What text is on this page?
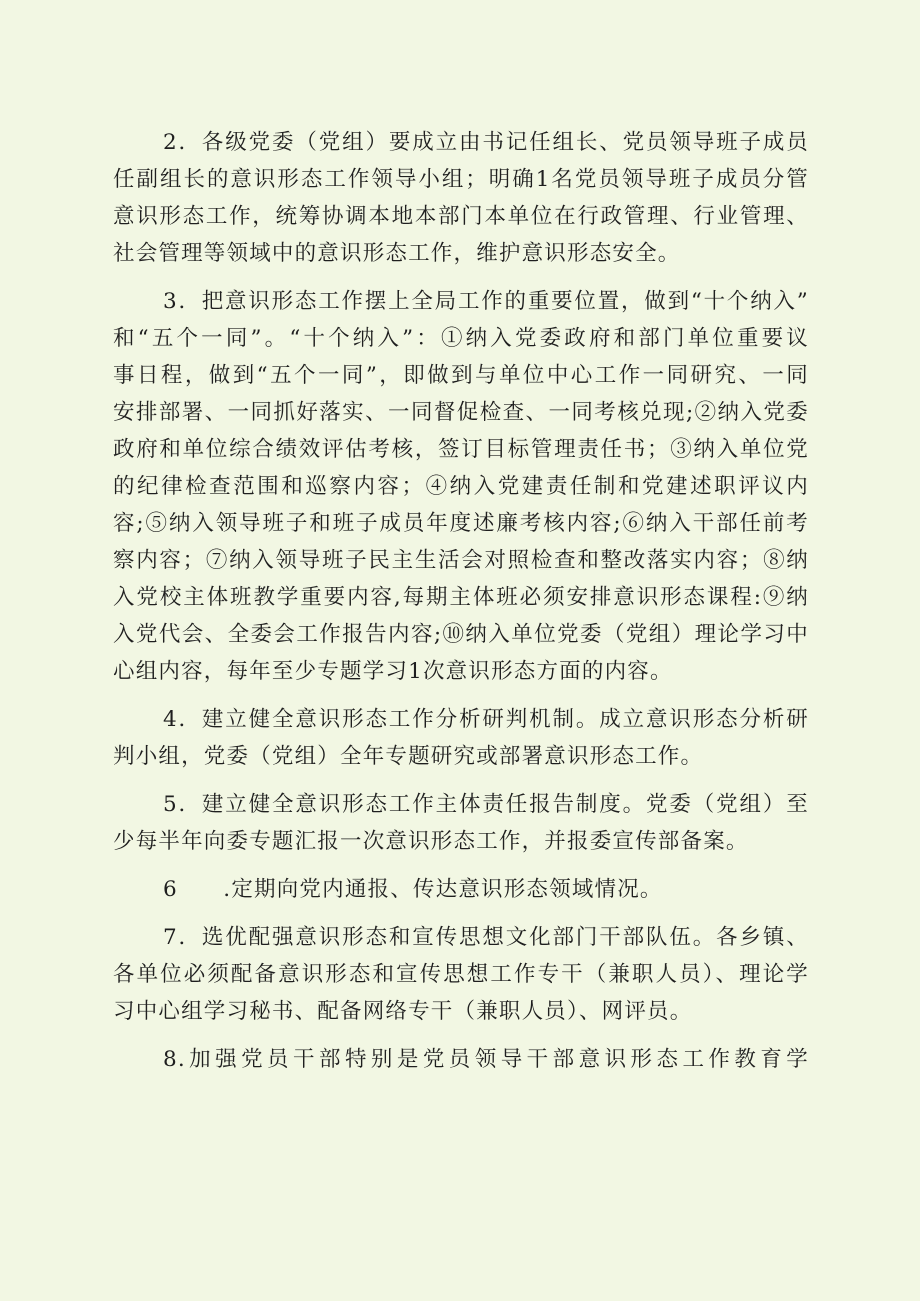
2．各级党委（党组）要成立由书记任组长、党员领导班子成员
任副组长的意识形态工作领导小组；明确1名党员领导班子成员分管
意识形态工作，统筹协调本地本部门本单位在行政管理、行业管理、
社会管理等领域中的意识形态工作，维护意识形态安全。

3．把意识形态工作摆上全局工作的重要位置，做到“十个纳入”
和“五个一同”。“十个纳入”：①纳入党委政府和部门单位重要议
事日程，做到“五个一同”，即做到与单位中心工作一同研究、一同
安排部署、一同抓好落实、一同督促检查、一同考核兑现;②纳入党委
政府和单位综合绩效评估考核，签订目标管理责任书；③纳入单位党
的纪律检查范围和巡察内容；④纳入党建责任制和党建述职评议内
容;⑤纳入领导班子和班子成员年度述廉考核内容;⑥纳入干部任前考
察内容；⑦纳入领导班子民主生活会对照检查和整改落实内容；⑧纳
入党校主体班教学重要内容,每期主体班必须安排意识形态课程:⑨纳
入党代会、全委会工作报告内容;⑩纳入单位党委（党组）理论学习中
心组内容，每年至少专题学习1次意识形态方面的内容。

4．建立健全意识形态工作分析研判机制。成立意识形态分析研
判小组，党委（党组）全年专题研究或部署意识形态工作。

5．建立健全意识形态工作主体责任报告制度。党委（党组）至
少每半年向委专题汇报一次意识形态工作，并报委宣传部备案。

6　　.定期向党内通报、传达意识形态领域情况。

7．选优配强意识形态和宣传思想文化部门干部队伍。各乡镇、
各单位必须配备意识形态和宣传思想工作专干（兼职人员）、理论学
习中心组学习秘书、配备网络专干（兼职人员）、网评员。

8.加强党员干部特别是党员领导干部意识形态工作教育学
